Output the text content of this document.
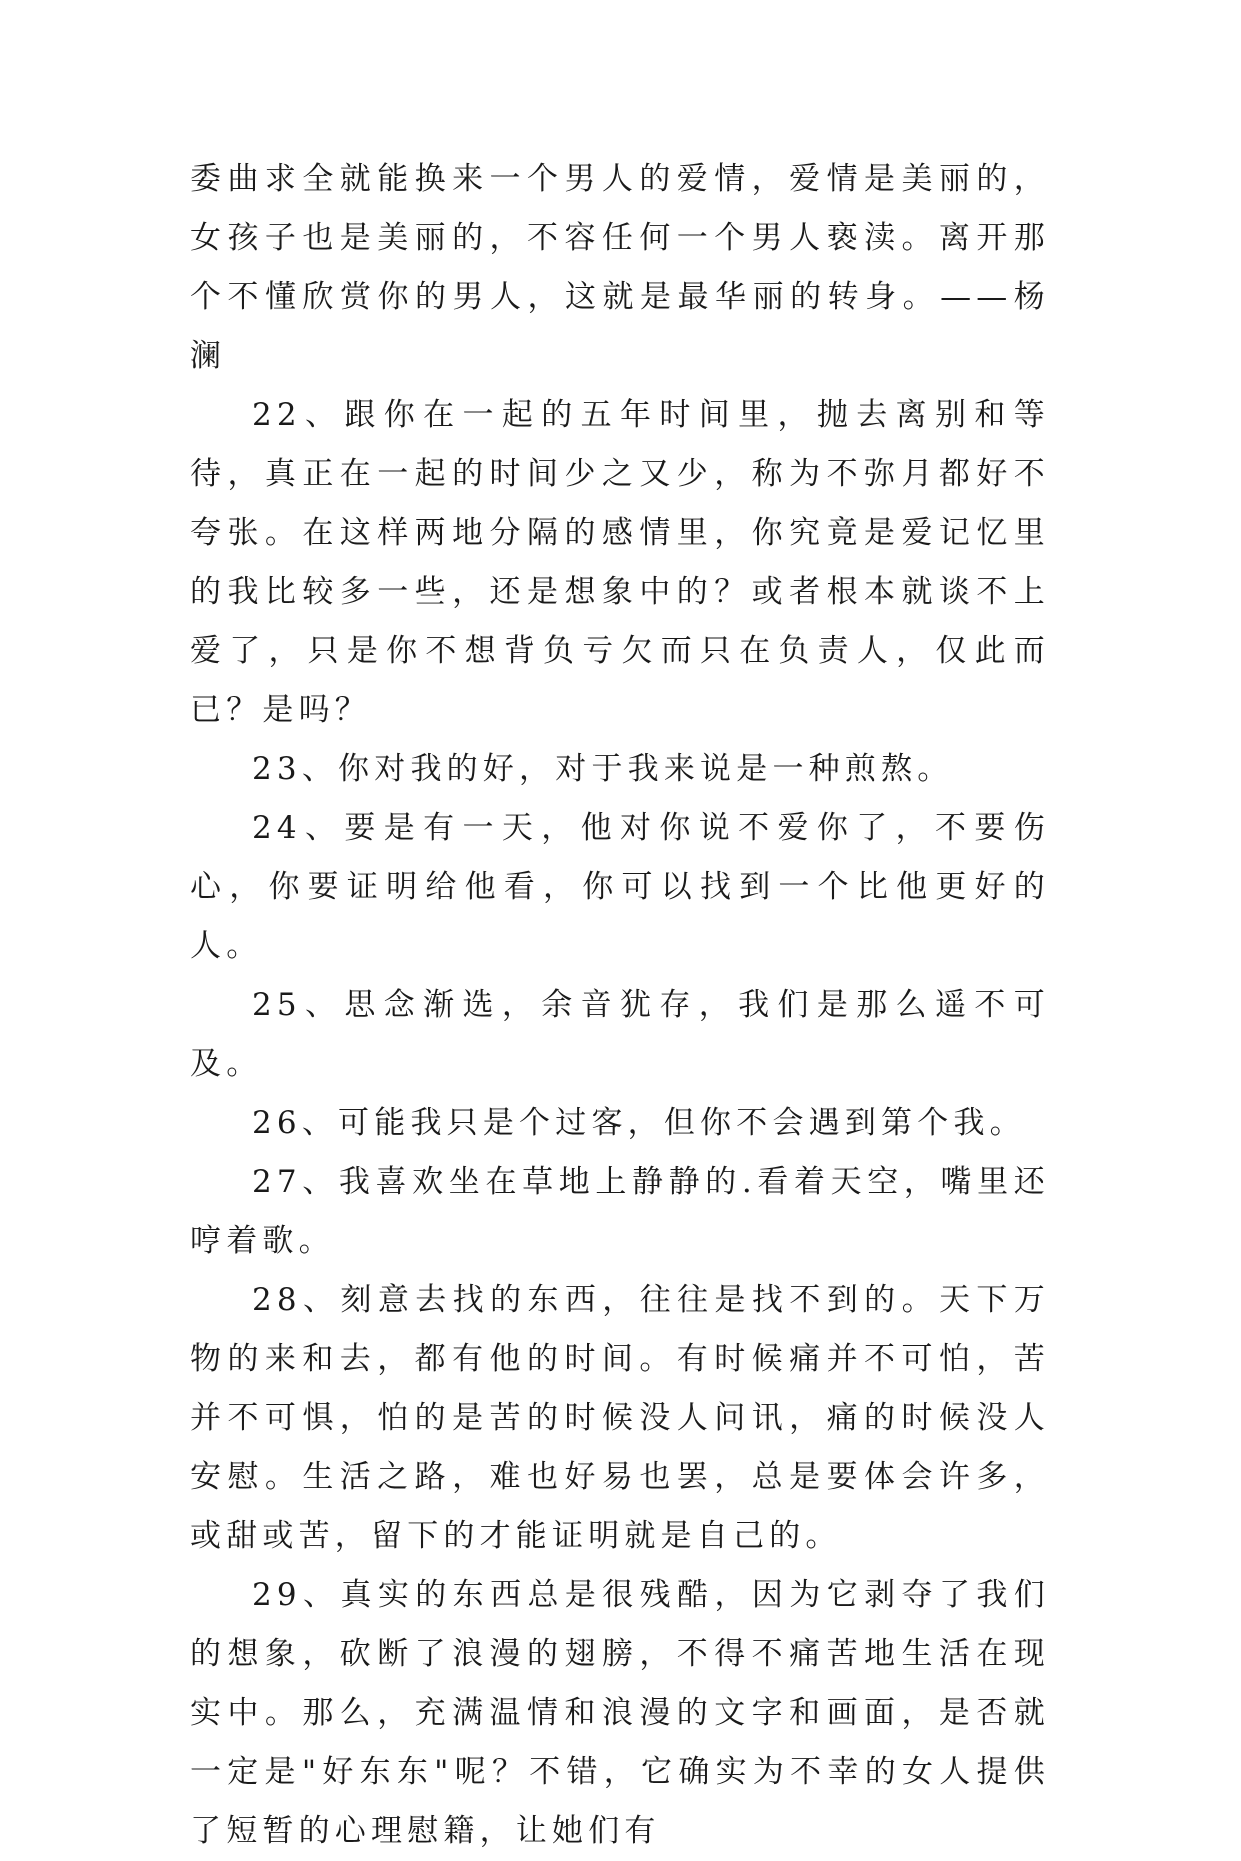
委曲求全就能换来一个男人的爱情，爱情是美丽的，女孩子也是美丽的，不容任何一个男人亵渎。离开那个不懂欣赏你的男人，这就是最华丽的转身。——杨澜

22、跟你在一起的五年时间里，抛去离别和等待，真正在一起的时间少之又少，称为不弥月都好不夸张。在这样两地分隔的感情里，你究竟是爱记忆里的我比较多一些，还是想象中的？或者根本就谈不上爱了，只是你不想背负亏欠而只在负责人，仅此而已？是吗？

23、你对我的好，对于我来说是一种煎熬。

24、要是有一天，他对你说不爱你了，不要伤心，你要证明给他看，你可以找到一个比他更好的人。

25、思念渐选，余音犹存，我们是那么遥不可及。

26、可能我只是个过客，但你不会遇到第个我。

27、我喜欢坐在草地上静静的.看着天空，嘴里还哼着歌。

28、刻意去找的东西，往往是找不到的。天下万物的来和去，都有他的时间。有时候痛并不可怕，苦并不可惧，怕的是苦的时候没人问讯，痛的时候没人安慰。生活之路，难也好易也罢，总是要体会许多，或甜或苦，留下的才能证明就是自己的。

29、真实的东西总是很残酷，因为它剥夺了我们的想象，砍断了浪漫的翅膀，不得不痛苦地生活在现实中。那么，充满温情和浪漫的文字和画面，是否就一定是"好东东"呢？不错，它确实为不幸的女人提供了短暂的心理慰籍，让她们有
